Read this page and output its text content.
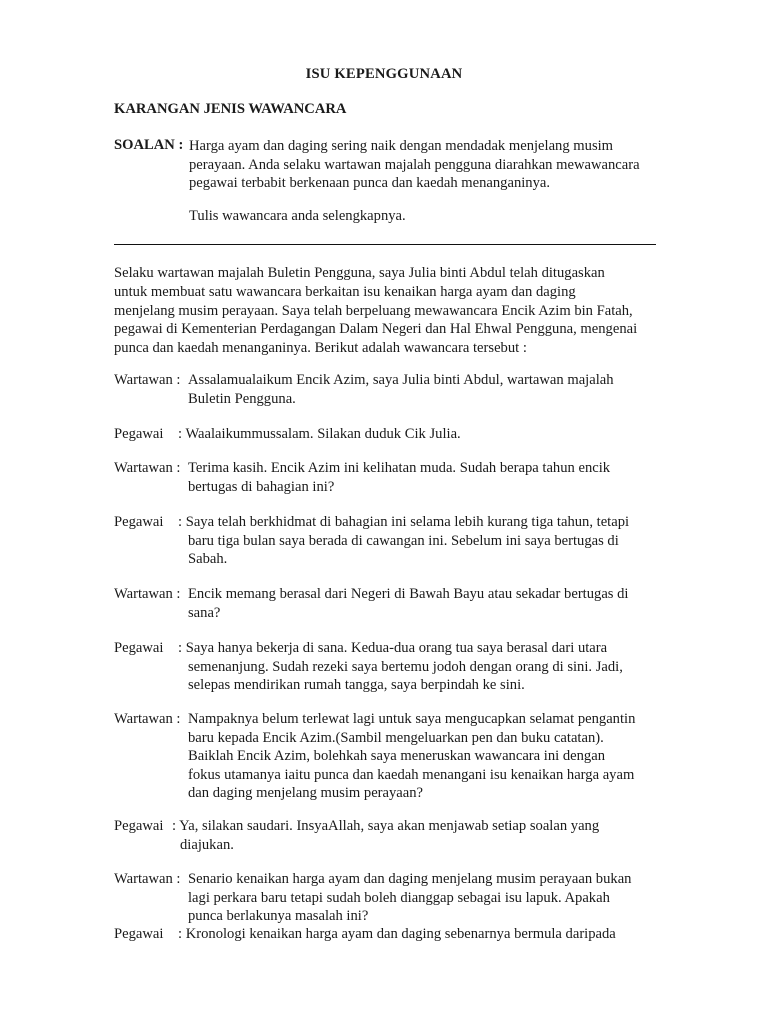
ISU KEPENGGUNAAN
KARANGAN JENIS WAWANCARA
SOALAN : Harga ayam dan daging sering naik dengan mendadak menjelang musim
perayaan. Anda selaku wartawan majalah pengguna diarahkan mewawancara
pegawai terbabit berkenaan punca dan kaedah menanganinya.
Tulis wawancara anda selengkapnya.
Selaku wartawan majalah Buletin Pengguna, saya Julia binti Abdul telah ditugaskan
untuk membuat satu wawancara berkaitan isu kenaikan harga ayam dan daging
menjelang musim perayaan. Saya telah berpeluang mewawancara Encik Azim bin Fatah,
pegawai di Kementerian Perdagangan Dalam Negeri dan Hal Ehwal Pengguna, mengenai
punca dan kaedah menanganinya. Berikut adalah wawancara tersebut :
Wartawan : Assalamualaikum Encik Azim, saya Julia binti Abdul, wartawan majalah
Buletin Pengguna.
Pegawai : Waalaikummussalam. Silakan duduk Cik Julia.
Wartawan : Terima kasih. Encik Azim ini kelihatan muda. Sudah berapa tahun encik
bertugas di bahagian ini?
Pegawai : Saya telah berkhidmat di bahagian ini selama lebih kurang tiga tahun, tetapi
baru tiga bulan saya berada di cawangan ini. Sebelum ini saya bertugas di
Sabah.
Wartawan : Encik memang berasal dari Negeri di Bawah Bayu atau sekadar bertugas di
sana?
Pegawai : Saya hanya bekerja di sana. Kedua-dua orang tua saya berasal dari utara
semenanjung. Sudah rezeki saya bertemu jodoh dengan orang di sini. Jadi,
selepas mendirikan rumah tangga, saya berpindah ke sini.
Wartawan : Nampaknya belum terlewat lagi untuk saya mengucapkan selamat pengantin
baru kepada Encik Azim.(Sambil mengeluarkan pen dan buku catatan).
Baiklah Encik Azim, bolehkah saya meneruskan wawancara ini dengan
fokus utamanya iaitu punca dan kaedah menangani isu kenaikan harga ayam
dan daging menjelang musim perayaan?
Pegawai : Ya, silakan saudari. InsyaAllah, saya akan menjawab setiap soalan yang
diajukan.
Wartawan : Senario kenaikan harga ayam dan daging menjelang musim perayaan bukan
lagi perkara baru tetapi sudah boleh dianggap sebagai isu lapuk. Apakah
punca berlakunya masalah ini?
Pegawai : Kronologi kenaikan harga ayam dan daging sebenarnya bermula daripada
